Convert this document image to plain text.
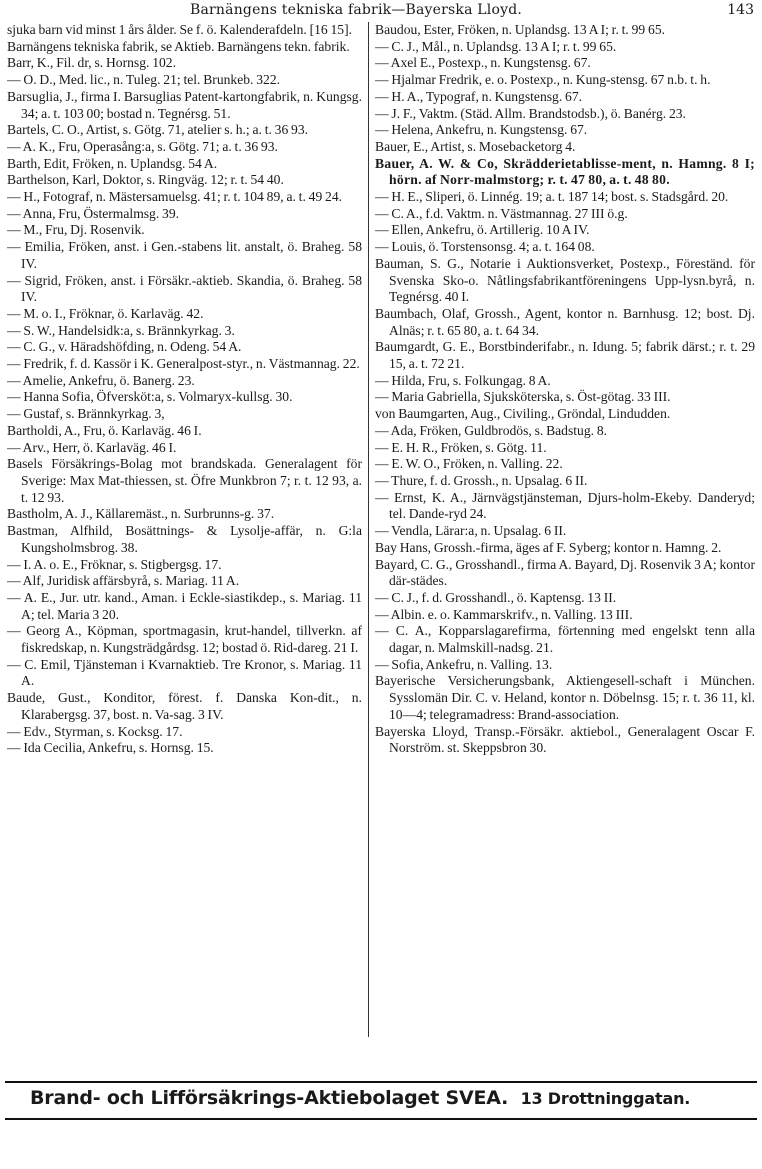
Barnängens tekniska fabrik—Bayerska Lloyd.	143

sjuka barn vid minst 1 års ålder. Se f. ö. Kalenderafdeln. [16 15].

Barnängens tekniska fabrik, se Aktieb. Barnängens tekn. fabrik.

Barr, K., Fil. dr, s. Hornsg. 102.

— O. D., Med. lic., n. Tuleg. 21; tel. Brunkeb. 322.

Barsuglia, J., firma I. Barsuglias Patent-kartongfabrik, n. Kungsg. 34; a. t. 103 00; bostad n. Tegnérsg. 51.

Bartels, C. O., Artist, s. Götg. 71, atelier s. h.; a. t. 36 93.

— A. K., Fru, Operasång:a, s. Götg. 71; a. t. 36 93.

Barth, Edit, Fröken, n. Uplandsg. 54 A.

Barthelson, Karl, Doktor, s. Ringväg. 12; r. t. 54 40.

— H., Fotograf, n. Mästersamuelsg. 41; r. t. 104 89, a. t. 49 24.

— Anna, Fru, Östermalmsg. 39.

— M., Fru, Dj. Rosenvik.

— Emilia, Fröken, anst. i Gen.-stabens lit. anstalt, ö. Braheg. 58 IV.

— Sigrid, Fröken, anst. i Försäkr.-aktieb. Skandia, ö. Braheg. 58 IV.

— M. o. I., Fröknar, ö. Karlaväg. 42.

— S. W., Handelsidk:a, s. Brännkyrkag. 3.

— C. G., v. Häradshöfding, n. Odeng. 54 A.

— Fredrik, f. d. Kassör i K. Generalpost-styr., n. Västmannag. 22.

— Amelie, Ankefru, ö. Banerg. 23.

— Hanna Sofia, Öfversköt:a, s. Volmaryx-kullsg. 30.

— Gustaf, s. Brännkyrkag. 3,

Bartholdi, A., Fru, ö. Karlaväg. 46 I.

— Arv., Herr, ö. Karlaväg. 46 I.

Basels Försäkrings-Bolag mot brandskada. Generalagent för Sverige: Max Mat-thiessen, st. Öfre Munkbron 7; r. t. 12 93, a. t. 12 93.

Bastholm, A. J., Källaremäst., n. Surbrunns-g. 37.

Bastman, Alfhild, Bosättnings- & Lysolje-affär, n. G:la Kungsholmsbrog. 38.

— I. A. o. E., Fröknar, s. Stigbergsg. 17.

— Alf, Juridisk affärsbyrå, s. Mariag. 11 A.

— A. E., Jur. utr. kand., Aman. i Eckle-siastikdep., s. Mariag. 11 A; tel. Maria 3 20.

— Georg A., Köpman, sportmagasin, krut-handel, tillverkn. af fiskredskap, n. Kungsträdgårdsg. 12; bostad ö. Rid-dareg. 21 I.

— C. Emil, Tjänsteman i Kvarnaktieb. Tre Kronor, s. Mariag. 11 A.

Baude, Gust., Konditor, förest. f. Danska Kon-dit., n. Klarabergsg. 37, bost. n. Va-sag. 3 IV.

— Edv., Styrman, s. Kocksg. 17.

— Ida Cecilia, Ankefru, s. Hornsg. 15.

Baudou, Ester, Fröken, n. Uplandsg. 13 A I; r. t. 99 65.

— C. J., Mål., n. Uplandsg. 13 A I; r. t. 99 65.

— Axel E., Postexp., n. Kungstensg. 67.

— Hjalmar Fredrik, e. o. Postexp., n. Kung-stensg. 67 n.b. t. h.

— H. A., Typograf, n. Kungstensg. 67.

— J. F., Vaktm. (Städ. Allm. Brandstodsb.), ö. Banérg. 23.

— Helena, Ankefru, n. Kungstensg. 67.

Bauer, E., Artist, s. Mosebacketorg 4.

Bauer, A. W. & Co, Skrädderietablisse-ment, n. Hamng. 8 I; hörn. af Norr-malmstorg; r. t. 47 80, a. t. 48 80.

— H. E., Sliperi, ö. Linnég. 19; a. t. 187 14; bost. s. Stadsgård. 20.

— C. A., f.d. Vaktm. n. Västmannag. 27 III ö.g.

— Ellen, Ankefru, ö. Artillerig. 10 A IV.

— Louis, ö. Torstensonsg. 4; a. t. 164 08.

Bauman, S. G., Notarie i Auktionsverket, Postexp., Föreständ. för Svenska Sko-o. Nåtlingsfabrikantföreningens Upp-lysn.byrå, n. Tegnérsg. 40 I.

Baumbach, Olaf, Grossh., Agent, kontor n. Barnhusg. 12; bost. Dj. Alnäs; r. t. 65 80, a. t. 64 34.

Baumgardt, G. E., Borstbinderifabr., n. Idung. 5; fabrik därst.; r. t. 29 15, a. t. 72 21.

— Hilda, Fru, s. Folkungag. 8 A.

— Maria Gabriella, Sjuksköterska, s. Öst-götag. 33 III.

von Baumgarten, Aug., Civiling., Gröndal, Lindudden.

— Ada, Fröken, Guldbrodös, s. Badstug. 8.

— E. H. R., Fröken, s. Götg. 11.

— E. W. O., Fröken, n. Valling. 22.

— Thure, f. d. Grossh., n. Upsalag. 6 II.

— Ernst, K. A., Järnvägstjänsteman, Djurs-holm-Ekeby. Danderyd; tel. Dande-ryd 24.

— Vendla, Lärar:a, n. Upsalag. 6 II.

Bay Hans, Grossh.-firma, äges af F. Syberg; kontor n. Hamng. 2.

Bayard, C. G., Grosshandl., firma A. Bayard, Dj. Rosenvik 3 A; kontor där-städes.

— C. J., f. d. Grosshandl., ö. Kaptensg. 13 II.

— Albin. e. o. Kammarskrifv., n. Valling. 13 III.

— C. A., Kopparslagarefirma, förtenning med engelskt tenn alla dagar, n. Malmskill-nadsg. 21.

— Sofia, Ankefru, n. Valling. 13.

Bayerische Versicherungsbank, Aktiengesell-schaft i München. Sysslomän Dir. C. v. Heland, kontor n. Döbelnsg. 15; r. t. 36 11, kl. 10—4; telegramadress: Brand-association.

Bayerska Lloyd, Transp.-Försäkr. aktiebol., Generalagent Oscar F. Norström. st. Skeppsbron 30.

Brand- och Lifförsäkrings-Aktiebolaget SVEA. 13 Drottninggatan.
